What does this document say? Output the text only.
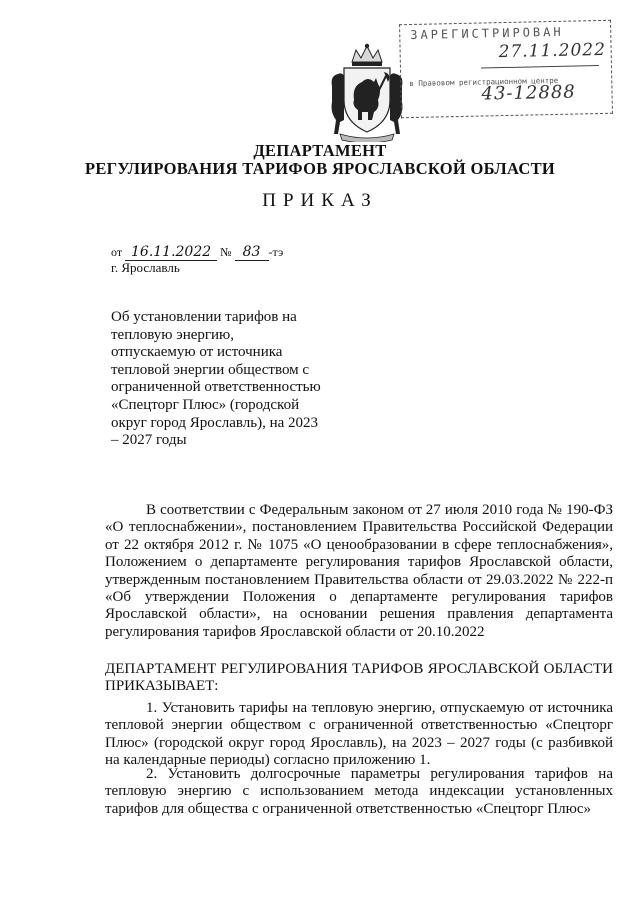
ЗАРЕГИСТРИРОВАН
27.11.2022
в Правовом регистрационном центре
43-12888
ДЕПАРТАМЕНТ
РЕГУЛИРОВАНИЯ ТАРИФОВ ЯРОСЛАВСКОЙ ОБЛАСТИ
ПРИКАЗ
от 16.11.2022 № 83 -тэ
г. Ярославль
Об установлении тарифов на тепловую энергию, отпускаемую от источника тепловой энергии обществом с ограниченной ответственностью «Спецторг Плюс» (городской округ город Ярославль), на 2023 – 2027 годы
В соответствии с Федеральным законом от 27 июля 2010 года № 190-ФЗ «О теплоснабжении», постановлением Правительства Российской Федерации от 22 октября 2012 г. № 1075 «О ценообразовании в сфере теплоснабжения», Положением о департаменте регулирования тарифов Ярославской области, утвержденным постановлением Правительства области от 29.03.2022 № 222-п «Об утверждении Положения о департаменте регулирования тарифов Ярославской области», на основании решения правления департамента регулирования тарифов Ярославской области от 20.10.2022
ДЕПАРТАМЕНТ РЕГУЛИРОВАНИЯ ТАРИФОВ ЯРОСЛАВСКОЙ ОБЛАСТИ ПРИКАЗЫВАЕТ:
1. Установить тарифы на тепловую энергию, отпускаемую от источника тепловой энергии обществом с ограниченной ответственностью «Спецторг Плюс» (городской округ город Ярославль), на 2023 – 2027 годы (с разбивкой на календарные периоды) согласно приложению 1.
2. Установить долгосрочные параметры регулирования тарифов на тепловую энергию с использованием метода индексации установленных тарифов для общества с ограниченной ответственностью «Спецторг Плюс»
